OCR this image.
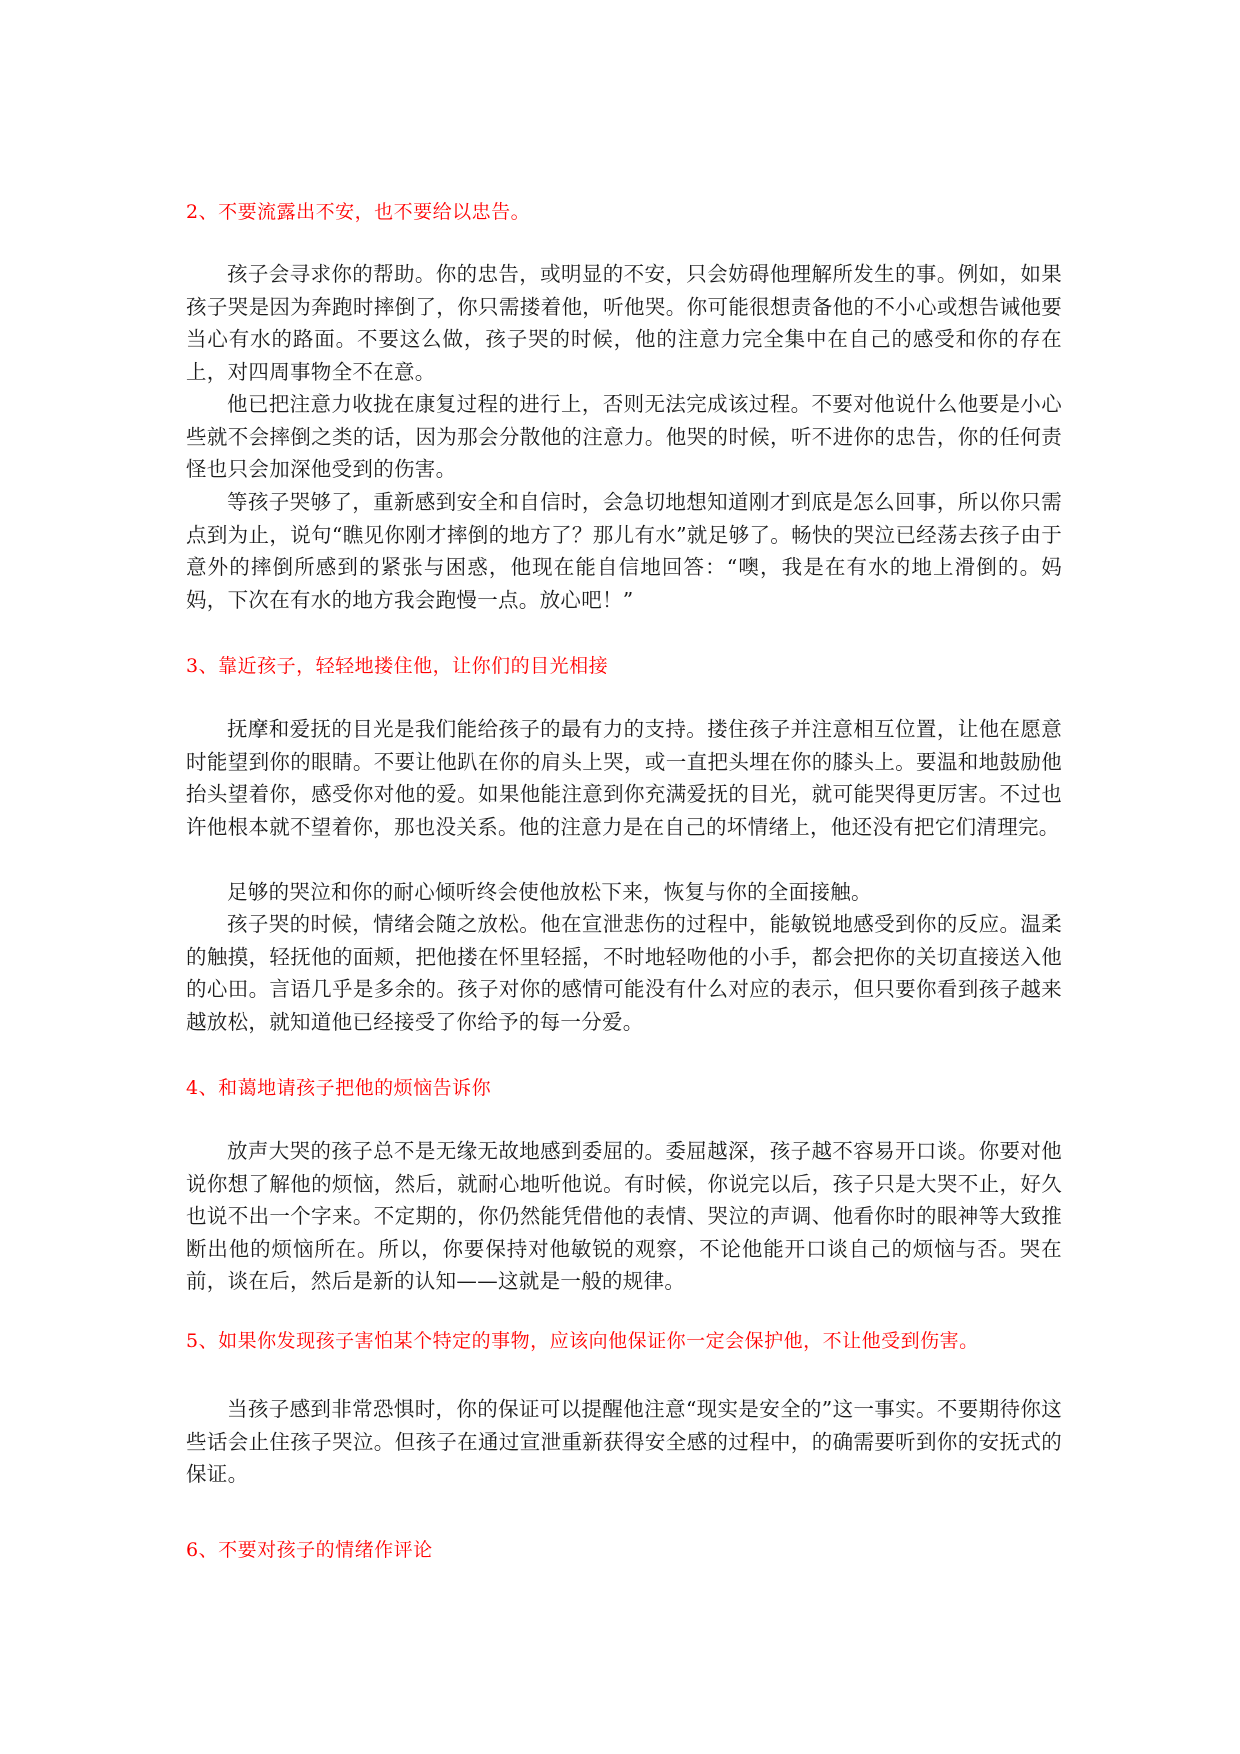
2、不要流露出不安，也不要给以忠告。
孩子会寻求你的帮助。你的忠告，或明显的不安，只会妨碍他理解所发生的事。例如，如果孩子哭是因为奔跑时摔倒了，你只需搂着他，听他哭。你可能很想责备他的不小心或想告诫他要当心有水的路面。不要这么做，孩子哭的时候，他的注意力完全集中在自己的感受和你的存在上，对四周事物全不在意。
他已把注意力收拢在康复过程的进行上，否则无法完成该过程。不要对他说什么他要是小心些就不会摔倒之类的话，因为那会分散他的注意力。他哭的时候，听不进你的忠告，你的任何责怪也只会加深他受到的伤害。
等孩子哭够了，重新感到安全和自信时，会急切地想知道刚才到底是怎么回事，所以你只需点到为止，说句“瞧见你刚才摔倒的地方了？那儿有水”就足够了。畅快的哭泣已经荡去孩子由于意外的摔倒所感到的紧张与困惑，他现在能自信地回答：“噢，我是在有水的地上滑倒的。妈妈，下次在有水的地方我会跑慢一点。放心吧！”
3、靠近孩子，轻轻地搂住他，让你们的目光相接
抚摩和爱抚的目光是我们能给孩子的最有力的支持。搂住孩子并注意相互位置，让他在愿意时能望到你的眼睛。不要让他趴在你的肩头上哭，或一直把头埋在你的膝头上。要温和地鼓励他抬头望着你，感受你对他的爱。如果他能注意到你充满爱抚的目光，就可能哭得更厉害。不过也许他根本就不望着你，那也没关系。他的注意力是在自己的坏情绪上，他还没有把它们清理完。
足够的哭泣和你的耐心倾听终会使他放松下来，恢复与你的全面接触。
孩子哭的时候，情绪会随之放松。他在宣泄悲伤的过程中，能敏锐地感受到你的反应。温柔的触摸，轻抚他的面颊，把他搂在怀里轻摇，不时地轻吻他的小手，都会把你的关切直接送入他的心田。言语几乎是多余的。孩子对你的感情可能没有什么对应的表示，但只要你看到孩子越来越放松，就知道他已经接受了你给予的每一分爱。
4、和蔼地请孩子把他的烦恼告诉你
放声大哭的孩子总不是无缘无故地感到委屈的。委屈越深，孩子越不容易开口谈。你要对他说你想了解他的烦恼，然后，就耐心地听他说。有时候，你说完以后，孩子只是大哭不止，好久也说不出一个字来。不定期的，你仍然能凭借他的表情、哭泣的声调、他看你时的眼神等大致推断出他的烦恼所在。所以，你要保持对他敏锐的观察，不论他能开口谈自己的烦恼与否。哭在前，谈在后，然后是新的认知——这就是一般的规律。
5、如果你发现孩子害怕某个特定的事物，应该向他保证你一定会保护他，不让他受到伤害。
当孩子感到非常恐惧时，你的保证可以提醒他注意“现实是安全的”这一事实。不要期待你这些话会止住孩子哭泣。但孩子在通过宣泄重新获得安全感的过程中，的确需要听到你的安抚式的保证。
6、不要对孩子的情绪作评论
